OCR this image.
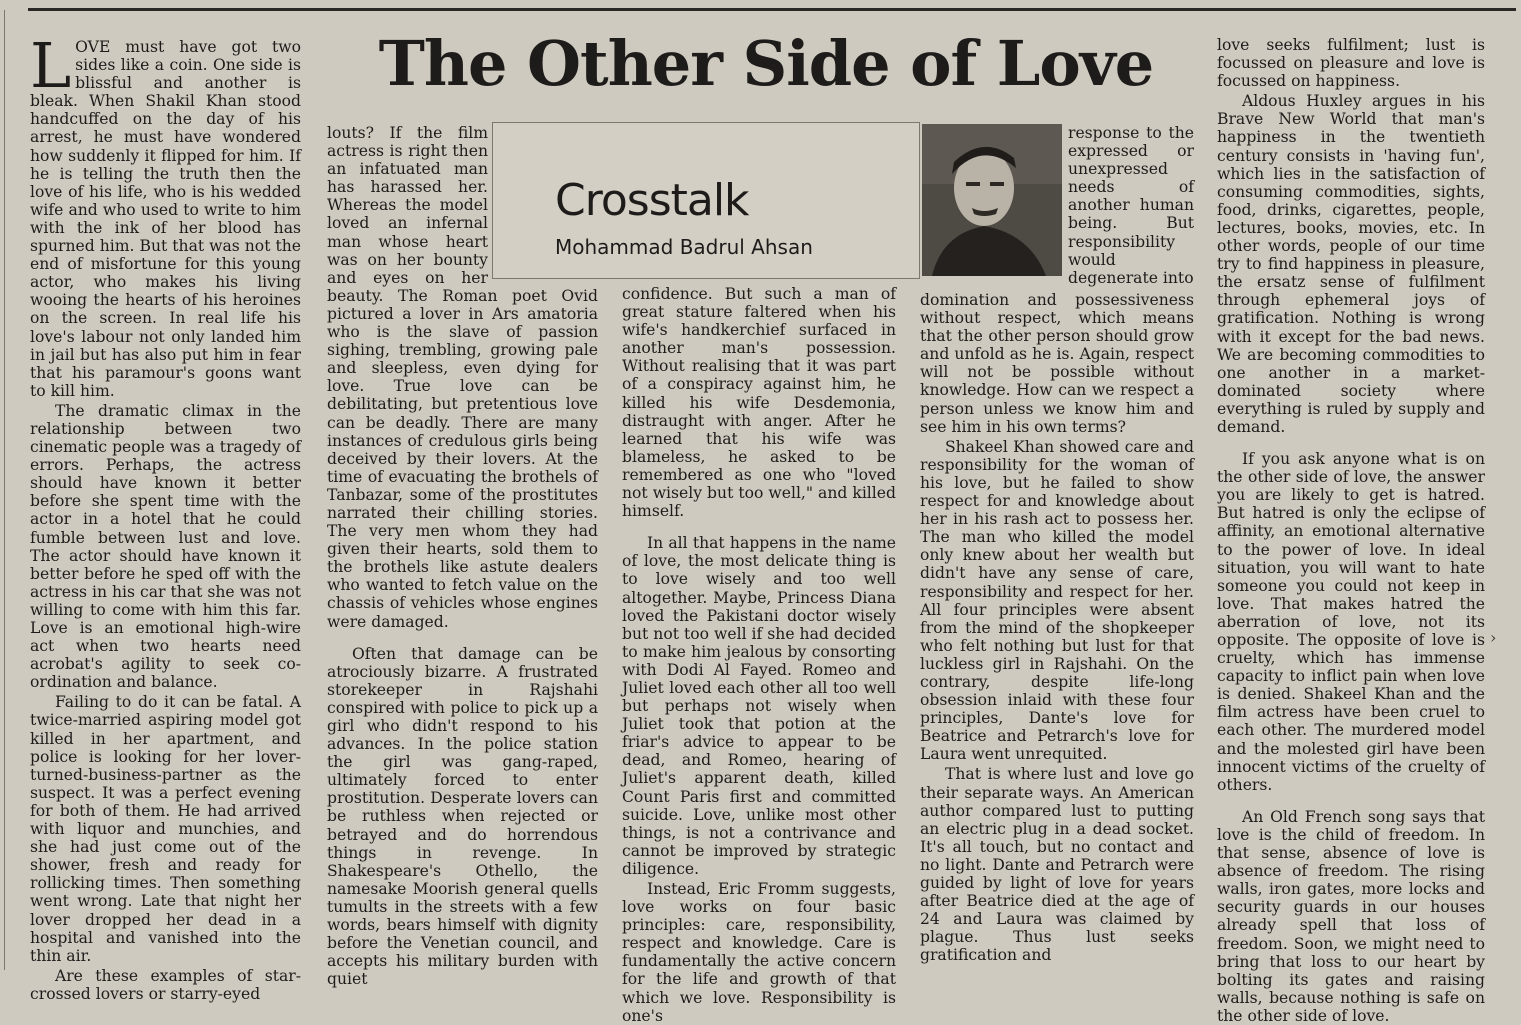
The Other Side of Love
Crosstalk
Mohammad Badrul Ahsan

LOVE must have got two sides like a coin. One side is blissful and another is bleak. When Shakil Khan stood handcuffed on the day of his arrest, he must have wondered how suddenly it flipped for him. If he is telling the truth then the love of his life, who is his wedded wife and who used to write to him with the ink of her blood has spurned him. But that was not the end of misfortune for this young actor, who makes his living wooing the hearts of his heroines on the screen. In real life his love's labour not only landed him in jail but has also put him in fear that his paramour's goons want to kill him.

The dramatic climax in the relationship between two cinematic people was a tragedy of errors. Perhaps, the actress should have known it better before she spent time with the actor in a hotel that he could fumble between lust and love. The actor should have known it better before he sped off with the actress in his car that she was not willing to come with him this far. Love is an emotional high-wire act when two hearts need acrobat's agility to seek co-ordination and balance.

Failing to do it can be fatal. A twice-married aspiring model got killed in her apartment, and police is looking for her lover-turned-business-partner as the suspect. It was a perfect evening for both of them. He had arrived with liquor and munchies, and she had just come out of the shower, fresh and ready for rollicking times. Then something went wrong. Late that night her lover dropped her dead in a hospital and vanished into the thin air.

Are these examples of star-crossed lovers or starry-eyed

louts? If the film actress is right then an infatuated man has harassed her. Whereas the model loved an infernal man whose heart was on her bounty and eyes on her beauty. The Roman poet Ovid pictured a lover in Ars amatoria who is the slave of passion sighing, trembling, growing pale and sleepless, even dying for love. True love can be debilitating, but pretentious love can be deadly. There are many instances of credulous girls being deceived by their lovers. At the time of evacuating the brothels of Tanbazar, some of the prostitutes narrated their chilling stories. The very men whom they had given their hearts, sold them to the brothels like astute dealers who wanted to fetch value on the chassis of vehicles whose engines were damaged.

Often that damage can be atrociously bizarre. A frustrated storekeeper in Rajshahi conspired with police to pick up a girl who didn't respond to his advances. In the police station the girl was gang-raped, ultimately forced to enter prostitution. Desperate lovers can be ruthless when rejected or betrayed and do horrendous things in revenge. In Shakespeare's Othello, the namesake Moorish general quells tumults in the streets with a few words, bears himself with dignity before the Venetian council, and accepts his military burden with quiet

confidence. But such a man of great stature faltered when his wife's handkerchief surfaced in another man's possession. Without realising that it was part of a conspiracy against him, he killed his wife Desdemonia, distraught with anger. After he learned that his wife was blameless, he asked to be remembered as one who "loved not wisely but too well," and killed himself.

In all that happens in the name of love, the most delicate thing is to love wisely and too well altogether. Maybe, Princess Diana loved the Pakistani doctor wisely but not too well if she had decided to make him jealous by consorting with Dodi Al Fayed. Romeo and Juliet loved each other all too well but perhaps not wisely when Juliet took that potion at the friar's advice to appear to be dead, and Romeo, hearing of Juliet's apparent death, killed Count Paris first and committed suicide. Love, unlike most other things, is not a contrivance and cannot be improved by strategic diligence.

Instead, Eric Fromm suggests, love works on four basic principles: care, responsibility, respect and knowledge. Care is fundamentally the active concern for the life and growth of that which we love. Responsibility is one's

response to the expressed or unexpressed needs of another human being. But responsibility would degenerate into

domination and possessiveness without respect, which means that the other person should grow and unfold as he is. Again, respect will not be possible without knowledge. How can we respect a person unless we know him and see him in his own terms?

Shakeel Khan showed care and responsibility for the woman of his love, but he failed to show respect for and knowledge about her in his rash act to possess her. The man who killed the model only knew about her wealth but didn't have any sense of care, responsibility and respect for her. All four principles were absent from the mind of the shopkeeper who felt nothing but lust for that luckless girl in Rajshahi. On the contrary, despite life-long obsession inlaid with these four principles, Dante's love for Beatrice and Petrarch's love for Laura went unrequited.

That is where lust and love go their separate ways. An American author compared lust to putting an electric plug in a dead socket. It's all touch, but no contact and no light. Dante and Petrarch were guided by light of love for years after Beatrice died at the age of 24 and Laura was claimed by plague. Thus lust seeks gratification and

love seeks fulfilment; lust is focussed on pleasure and love is focussed on happiness.

Aldous Huxley argues in his Brave New World that man's happiness in the twentieth century consists in 'having fun', which lies in the satisfaction of consuming commodities, sights, food, drinks, cigarettes, people, lectures, books, movies, etc. In other words, people of our time try to find happiness in pleasure, the ersatz sense of fulfilment through ephemeral joys of gratification. Nothing is wrong with it except for the bad news. We are becoming commodities to one another in a market-dominated society where everything is ruled by supply and demand.

If you ask anyone what is on the other side of love, the answer you are likely to get is hatred. But hatred is only the eclipse of affinity, an emotional alternative to the power of love. In ideal situation, you will want to hate someone you could not keep in love. That makes hatred the aberration of love, not its opposite. The opposite of love is cruelty, which has immense capacity to inflict pain when love is denied. Shakeel Khan and the film actress have been cruel to each other. The murdered model and the molested girl have been innocent victims of the cruelty of others.

An Old French song says that love is the child of freedom. In that sense, absence of love is absence of freedom. The rising walls, iron gates, more locks and security guards in our houses already spell that loss of freedom. Soon, we might need to bring that loss to our heart by bolting its gates and raising walls, because nothing is safe on the other side of love.

›
